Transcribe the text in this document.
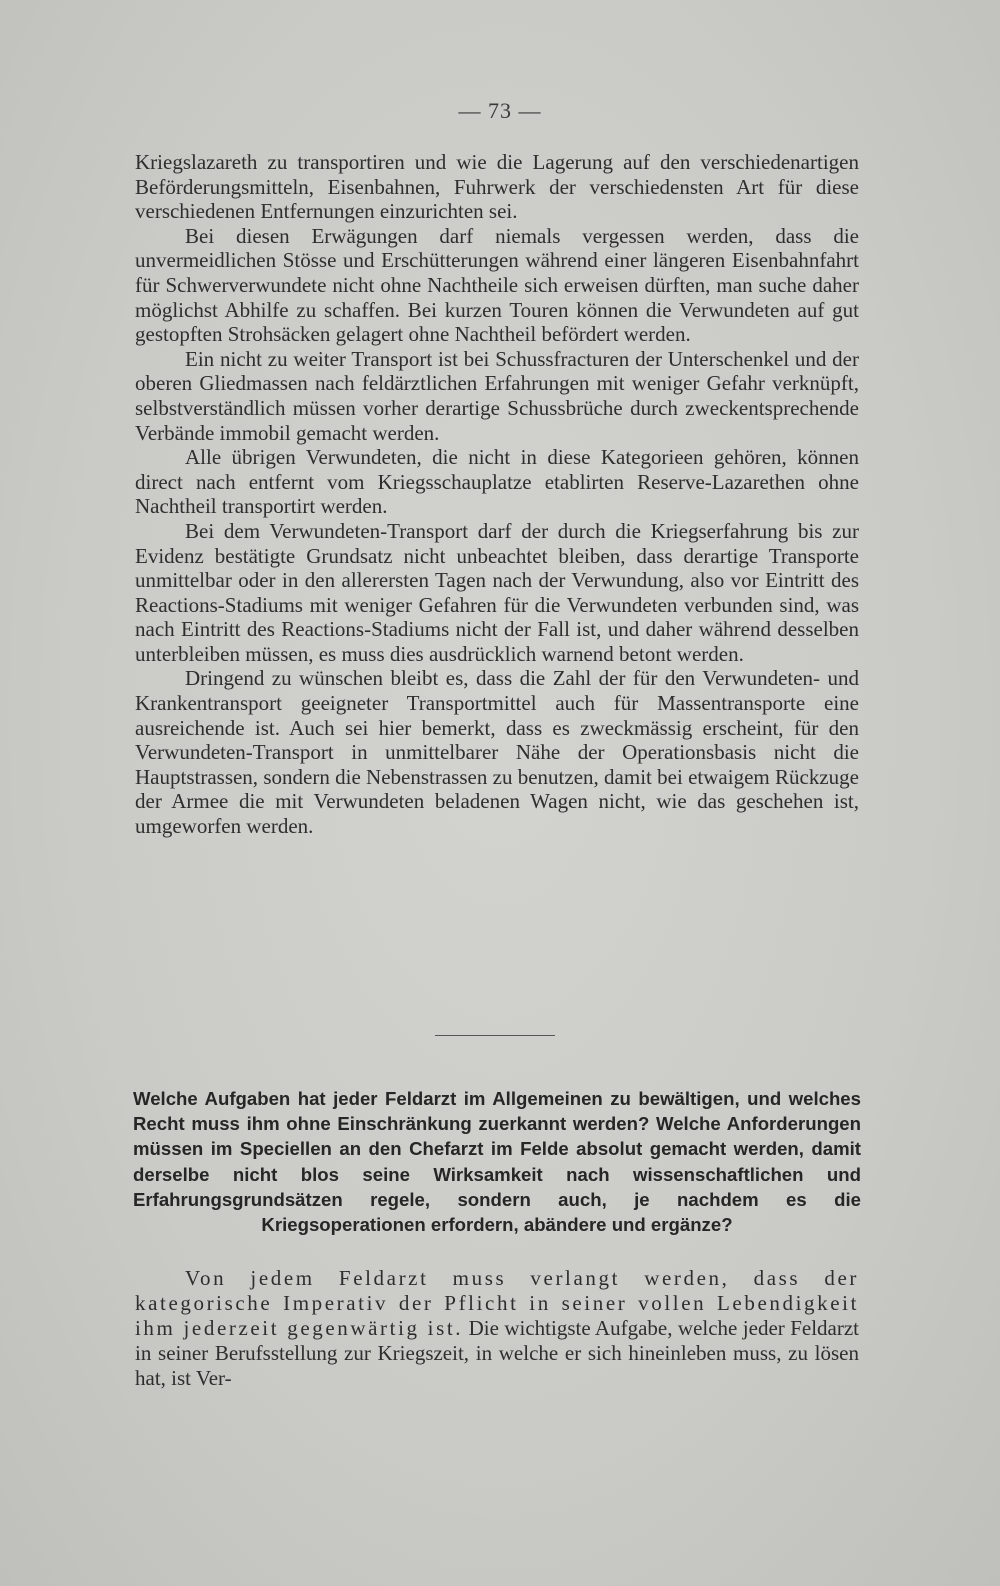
— 73 —

Kriegslazareth zu transportiren und wie die Lagerung auf den verschiedenartigen Beförderungsmitteln, Eisenbahnen, Fuhrwerk der verschiedensten Art für diese verschiedenen Entfernungen einzurichten sei.

Bei diesen Erwägungen darf niemals vergessen werden, dass die unvermeidlichen Stösse und Erschütterungen während einer längeren Eisenbahnfahrt für Schwerverwundete nicht ohne Nachtheile sich erweisen dürften, man suche daher möglichst Abhilfe zu schaffen. Bei kurzen Touren können die Verwundeten auf gut gestopften Strohsäcken gelagert ohne Nachtheil befördert werden.

Ein nicht zu weiter Transport ist bei Schussfracturen der Unterschenkel und der oberen Gliedmassen nach feldärztlichen Erfahrungen mit weniger Gefahr verknüpft, selbstverständlich müssen vorher derartige Schussbrüche durch zweckentsprechende Verbände immobil gemacht werden.

Alle übrigen Verwundeten, die nicht in diese Kategorieen gehören, können direct nach entfernt vom Kriegsschauplatze etablirten Reserve-Lazarethen ohne Nachtheil transportirt werden.

Bei dem Verwundeten-Transport darf der durch die Kriegserfahrung bis zur Evidenz bestätigte Grundsatz nicht unbeachtet bleiben, dass derartige Transporte unmittelbar oder in den allerersten Tagen nach der Verwundung, also vor Eintritt des Reactions-Stadiums mit weniger Gefahren für die Verwundeten verbunden sind, was nach Eintritt des Reactions-Stadiums nicht der Fall ist, und daher während desselben unterbleiben müssen, es muss dies ausdrücklich warnend betont werden.

Dringend zu wünschen bleibt es, dass die Zahl der für den Verwundeten- und Krankentransport geeigneter Transportmittel auch für Massentransporte eine ausreichende ist. Auch sei hier bemerkt, dass es zweckmässig erscheint, für den Verwundeten-Transport in unmittelbarer Nähe der Operationsbasis nicht die Hauptstrassen, sondern die Nebenstrassen zu benutzen, damit bei etwaigem Rückzuge der Armee die mit Verwundeten beladenen Wagen nicht, wie das geschehen ist, umgeworfen werden.

Welche Aufgaben hat jeder Feldarzt im Allgemeinen zu bewältigen, und welches Recht muss ihm ohne Einschränkung zuerkannt werden? Welche Anforderungen müssen im Speciellen an den Chefarzt im Felde absolut gemacht werden, damit derselbe nicht blos seine Wirksamkeit nach wissenschaftlichen und Erfahrungsgrundsätzen regele, sondern auch, je nachdem es die Kriegsoperationen erfordern, abändere und ergänze?

Von jedem Feldarzt muss verlangt werden, dass der kategorische Imperativ der Pflicht in seiner vollen Lebendigkeit ihm jederzeit gegenwärtig ist. Die wichtigste Aufgabe, welche jeder Feldarzt in seiner Berufsstellung zur Kriegszeit, in welche er sich hineinleben muss, zu lösen hat, ist Ver-
